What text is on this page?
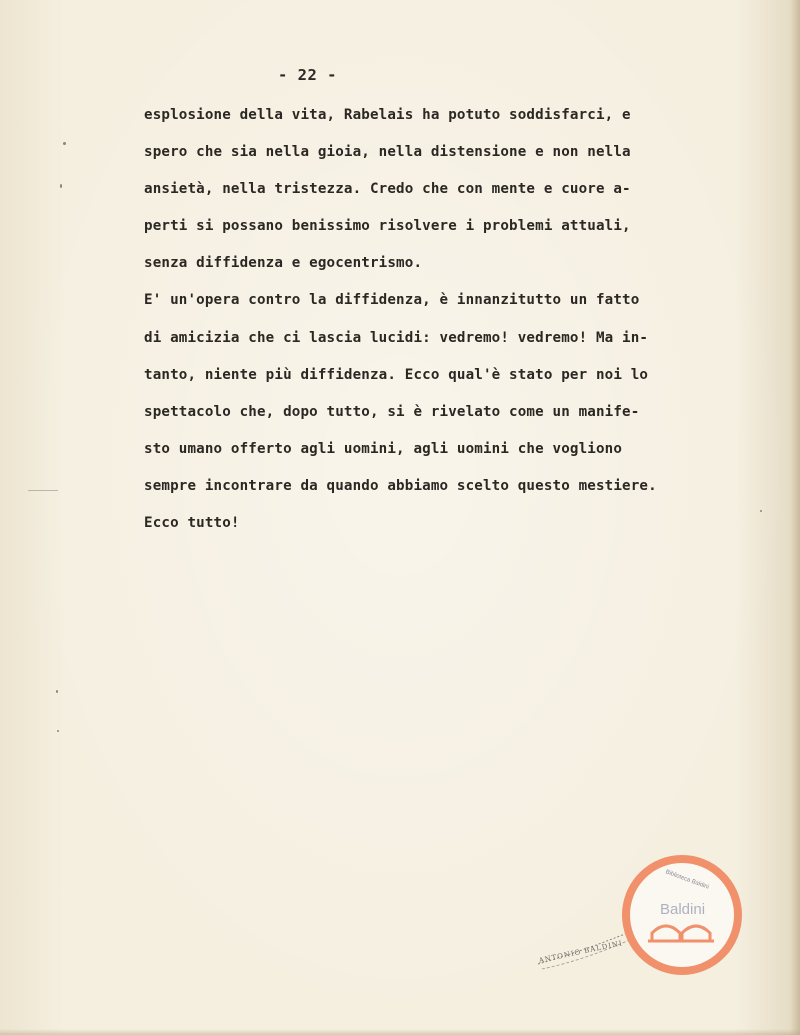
- 22 -
esplosione della vita, Rabelais ha potuto soddisfarci, e
spero che sia nella gioia, nella distensione e non nella
ansietà, nella tristezza. Credo che con mente e cuore a-
perti si possano benissimo risolvere i problemi attuali,
senza diffidenza e egocentrismo.
E' un'opera contro la diffidenza, è innanzitutto un fatto
di amicizia che ci lascia lucidi: vedremo! vedremo! Ma in-
tanto, niente più diffidenza. Ecco qual'è stato per noi lo
spettacolo che, dopo tutto, si è rivelato come un manife-
sto umano offerto agli uomini, agli uomini che vogliono
sempre incontrare da quando abbiamo scelto questo mestiere.
Ecco tutto!
ANTONIO BALDINI
Biblioteca Baldini
Baldini
